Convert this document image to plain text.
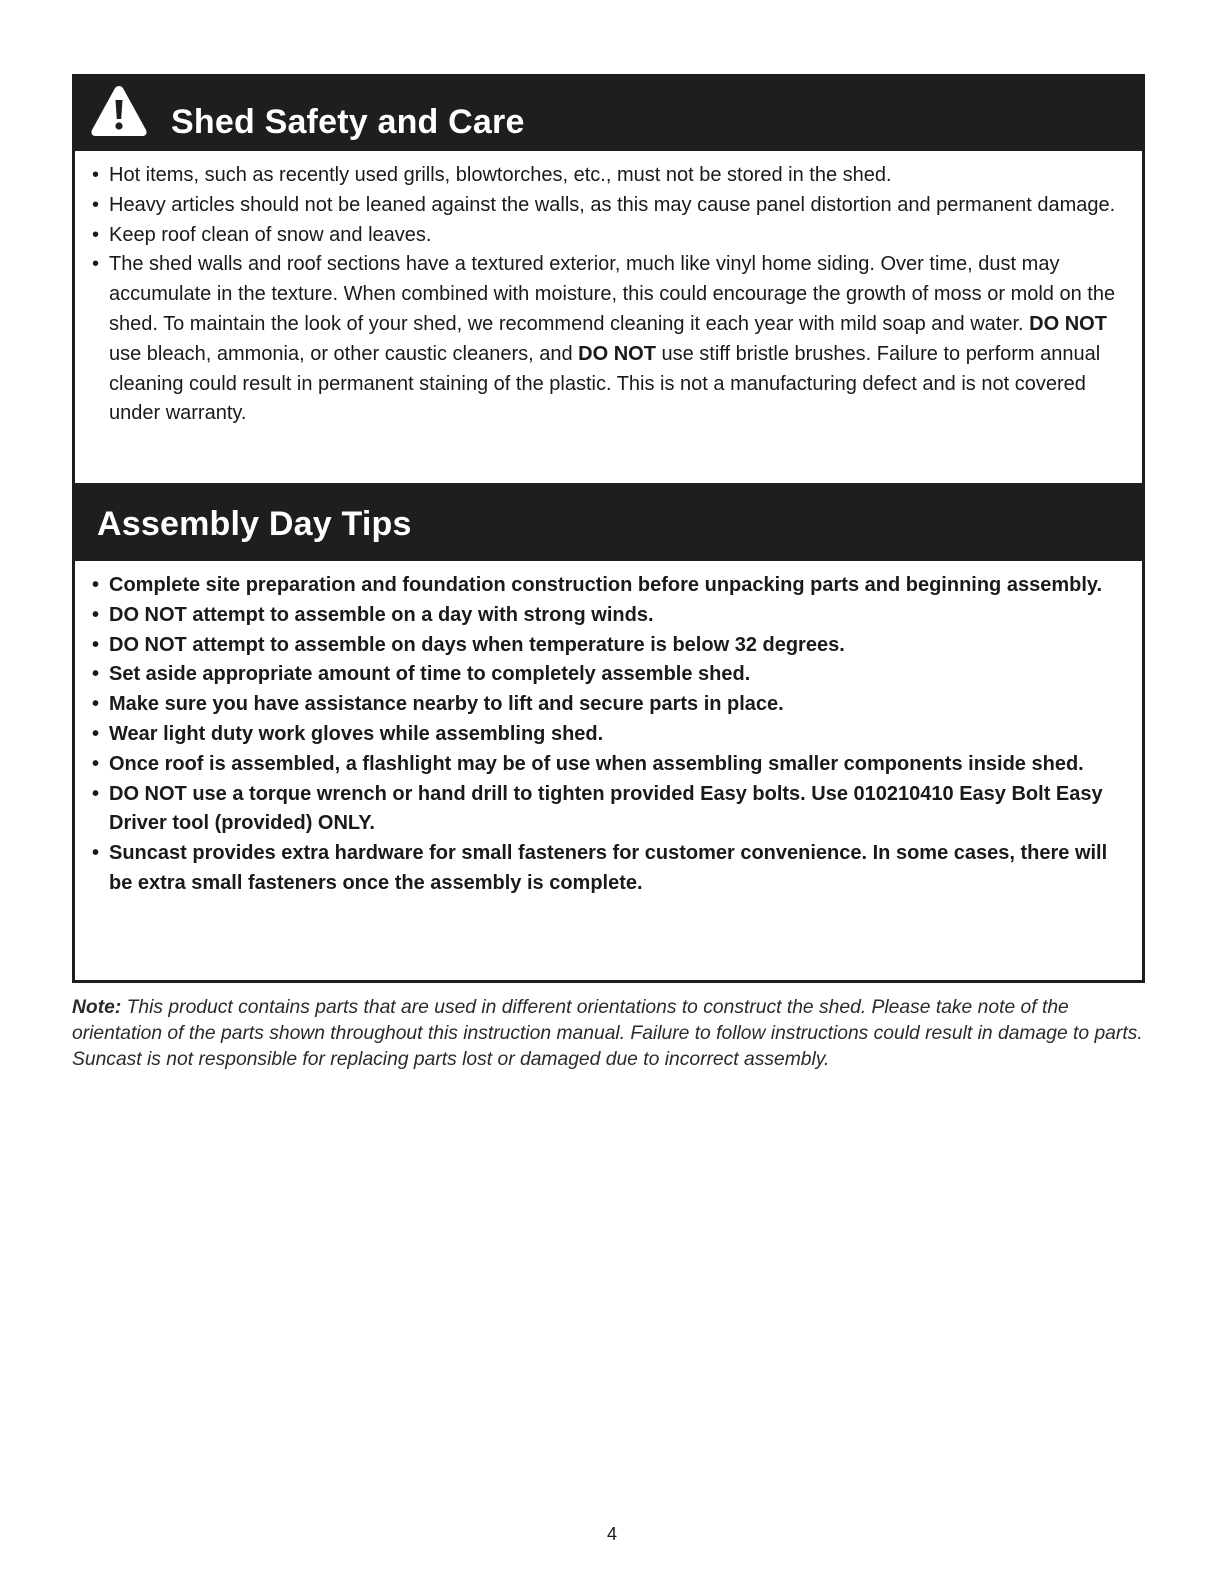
Shed Safety and Care
• Hot items, such as recently used grills, blowtorches, etc., must not be stored in the shed.
• Heavy articles should not be leaned against the walls, as this may cause panel distortion and permanent damage.
• Keep roof clean of snow and leaves.
• The shed walls and roof sections have a textured exterior, much like vinyl home siding. Over time, dust may accumulate in the texture. When combined with moisture, this could encourage the growth of moss or mold on the shed. To maintain the look of your shed, we recommend cleaning it each year with mild soap and water. DO NOT use bleach, ammonia, or other caustic cleaners, and DO NOT use stiff bristle brushes. Failure to perform annual cleaning could result in permanent staining of the plastic. This is not a manufacturing defect and is not covered under warranty.
Assembly Day Tips
• Complete site preparation and foundation construction before unpacking parts and beginning assembly.
• DO NOT attempt to assemble on a day with strong winds.
• DO NOT attempt to assemble on days when temperature is below 32 degrees.
• Set aside appropriate amount of time to completely assemble shed.
• Make sure you have assistance nearby to lift and secure parts in place.
• Wear light duty work gloves while assembling shed.
• Once roof is assembled, a flashlight may be of use when assembling smaller components inside shed.
• DO NOT use a torque wrench or hand drill to tighten provided Easy bolts. Use 010210410 Easy Bolt Easy Driver tool (provided) ONLY.
• Suncast provides extra hardware for small fasteners for customer convenience. In some cases, there will be extra small fasteners once the assembly is complete.
Note: This product contains parts that are used in different orientations to construct the shed. Please take note of the orientation of the parts shown throughout this instruction manual. Failure to follow instructions could result in damage to parts. Suncast is not responsible for replacing parts lost or damaged due to incorrect assembly.
4
